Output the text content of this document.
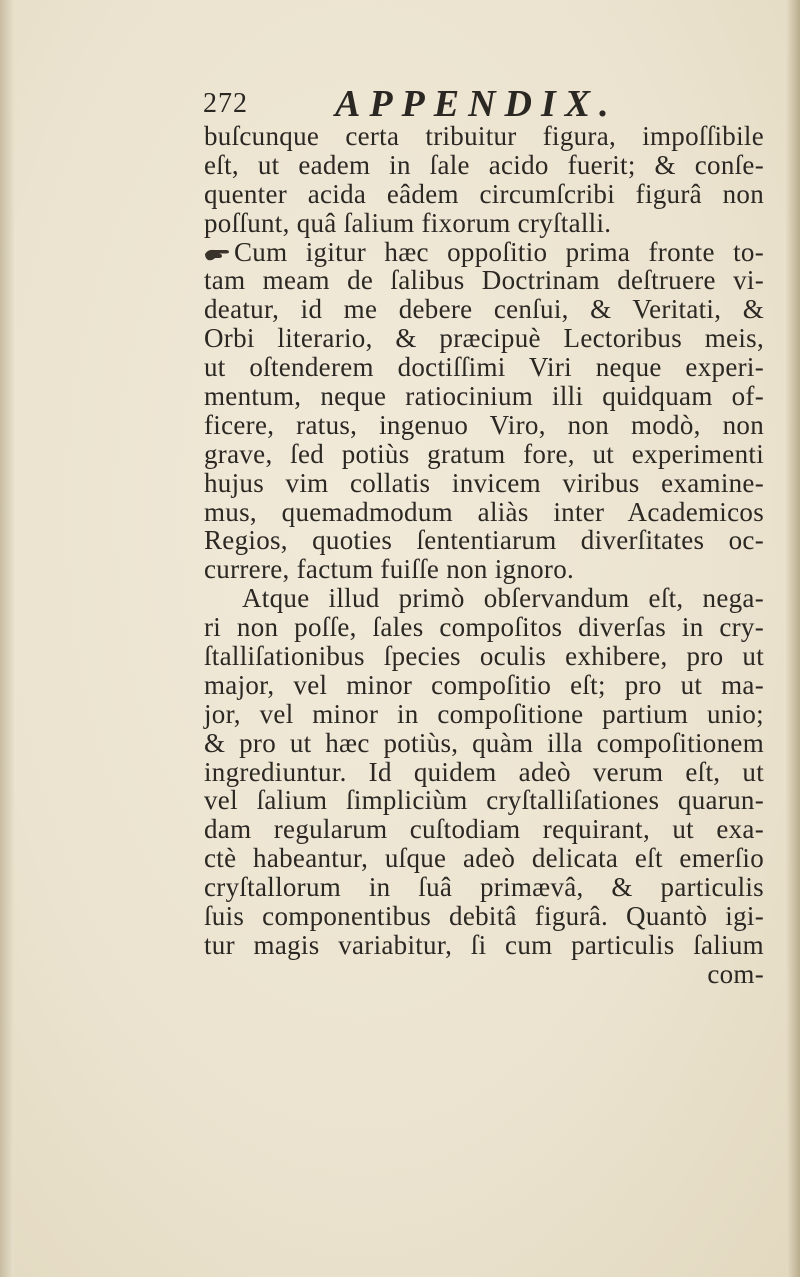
272 APPENDIX.
buſcunque certa tribuitur figura, impoſſibile
eſt, ut eadem in ſale acido fuerit; & conſe-
quenter acida eâdem circumſcribi figurâ non
poſſunt, quâ ſalium fixorum cryſtalli.
Cum igitur hæc oppoſitio prima fronte to-
tam meam de ſalibus Doctrinam deſtruere vi-
deatur, id me debere cenſui, & Veritati, &
Orbi literario, & præcipuè Lectoribus meis,
ut oſtenderem doctiſſimi Viri neque experi-
mentum, neque ratiocinium illi quidquam of-
ficere, ratus, ingenuo Viro, non modò, non
grave, ſed potiùs gratum fore, ut experimenti
hujus vim collatis invicem viribus examine-
mus, quemadmodum aliàs inter Academicos
Regios, quoties ſententiarum diverſitates oc-
currere, factum fuiſſe non ignoro.
Atque illud primò obſervandum eſt, nega-
ri non poſſe, ſales compoſitos diverſas in cry-
ſtalliſationibus ſpecies oculis exhibere, pro ut
major, vel minor compoſitio eſt; pro ut ma-
jor, vel minor in compoſitione partium unio;
& pro ut hæc potiùs, quàm illa compoſitionem
ingrediuntur. Id quidem adeò verum eſt, ut
vel ſalium ſimpliciùm cryſtalliſationes quarun-
dam regularum cuſtodiam requirant, ut exa-
ctè habeantur, uſque adeò delicata eſt emerſio
cryſtallorum in ſuâ primævâ, & particulis
ſuis componentibus debitâ figurâ. Quantò igi-
tur magis variabitur, ſi cum particulis ſalium
com-
